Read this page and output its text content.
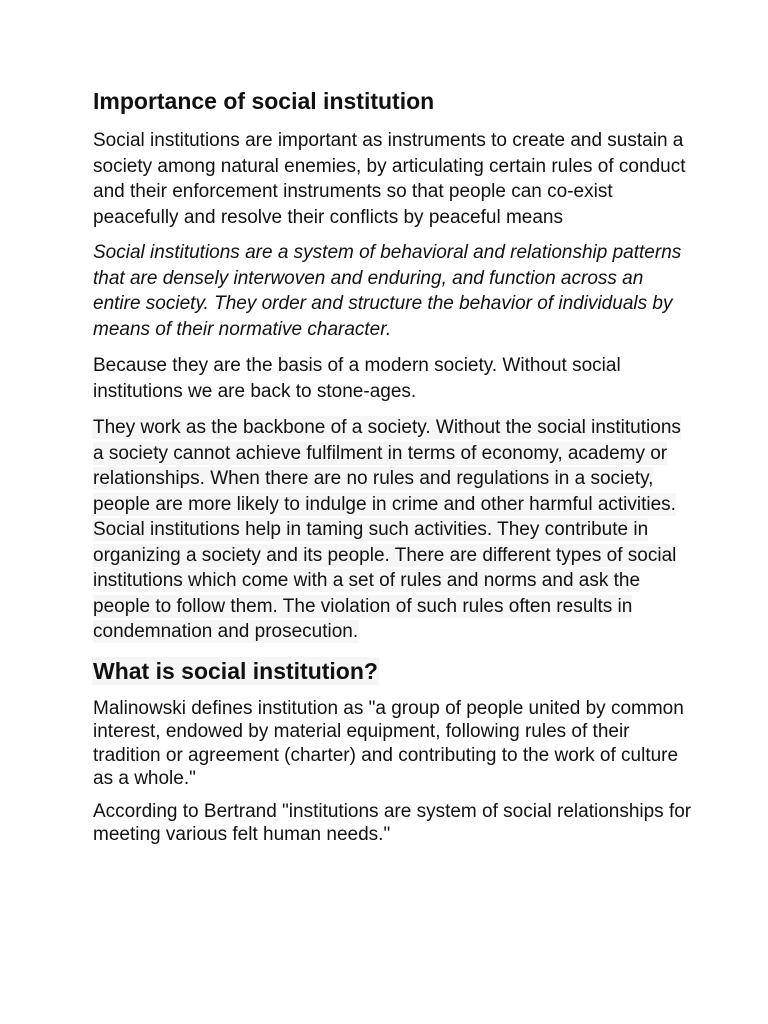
Importance of social institution

Social institutions are important as instruments to create and sustain a society among natural enemies, by articulating certain rules of conduct and their enforcement instruments so that people can co-exist peacefully and resolve their conflicts by peaceful means

Social institutions are a system of behavioral and relationship patterns that are densely interwoven and enduring, and function across an entire society. They order and structure the behavior of individuals by means of their normative character.

Because they are the basis of a modern society. Without social institutions we are back to stone-ages.

They work as the backbone of a society. Without the social institutions a society cannot achieve fulfilment in terms of economy, academy or relationships. When there are no rules and regulations in a society, people are more likely to indulge in crime and other harmful activities. Social institutions help in taming such activities. They contribute in organizing a society and its people. There are different types of social institutions which come with a set of rules and norms and ask the people to follow them. The violation of such rules often results in condemnation and prosecution.

What is social institution?

Malinowski defines institution as "a group of people united by common interest, endowed by material equipment, following rules of their tradition or agreement (charter) and contributing to the work of culture as a whole."

According to Bertrand "institutions are system of social relationships for meeting various felt human needs."
